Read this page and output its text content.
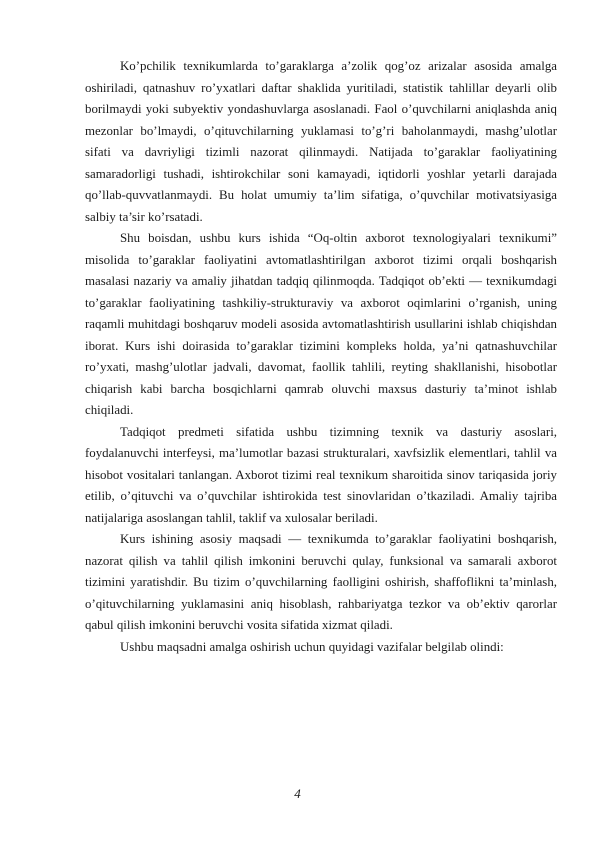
Ko’pchilik texnikumlarda to’garaklarga a’zolik qog’oz arizalar asosida amalga oshiriladi, qatnashuv ro’yxatlari daftar shaklida yuritiladi, statistik tahlillar deyarli olib borilmaydi yoki subyektiv yondashuvlarga asoslanadi. Faol o’quvchilarni aniqlashda aniq mezonlar bo’lmaydi, o’qituvchilarning yuklamasi to’g’ri baholanmaydi, mashg’ulotlar sifati va davriyligi tizimli nazorat qilinmaydi. Natijada to’garaklar faoliyatining samaradorligi tushadi, ishtirokchilar soni kamayadi, iqtidorli yoshlar yetarli darajada qo’llab-quvvatlanmaydi. Bu holat umumiy ta’lim sifatiga, o’quvchilar motivatsiyasiga salbiy ta’sir ko’rsatadi.

Shu boisdan, ushbu kurs ishida “Oq-oltin axborot texnologiyalari texnikumi” misolida to’garaklar faoliyatini avtomatlashtirilgan axborot tizimi orqali boshqarish masalasi nazariy va amaliy jihatdan tadqiq qilinmoqda. Tadqiqot ob’ekti — texnikumdagi to’garaklar faoliyatining tashkiliy-strukturaviy va axborot oqimlarini o’rganish, uning raqamli muhitdagi boshqaruv modeli asosida avtomatlashtirish usullarini ishlab chiqishdan iborat. Kurs ishi doirasida to’garaklar tizimini kompleks holda, ya’ni qatnashuvchilar ro’yxati, mashg’ulotlar jadvali, davomat, faollik tahlili, reyting shakllanishi, hisobotlar chiqarish kabi barcha bosqichlarni qamrab oluvchi maxsus dasturiy ta’minot ishlab chiqiladi.

Tadqiqot predmeti sifatida ushbu tizimning texnik va dasturiy asoslari, foydalanuvchi interfeysi, ma’lumotlar bazasi strukturalari, xavfsizlik elementlari, tahlil va hisobot vositalari tanlangan. Axborot tizimi real texnikum sharoitida sinov tariqasida joriy etilib, o’qituvchi va o’quvchilar ishtirokida test sinovlaridan o’tkaziladi. Amaliy tajriba natijalariga asoslangan tahlil, taklif va xulosalar beriladi.

Kurs ishining asosiy maqsadi — texnikumda to’garaklar faoliyatini boshqarish, nazorat qilish va tahlil qilish imkonini beruvchi qulay, funksional va samarali axborot tizimini yaratishdir. Bu tizim o’quvchilarning faolligini oshirish, shaffoflikni ta’minlash, o’qituvchilarning yuklamasini aniq hisoblash, rahbariyatga tezkor va ob’ektiv qarorlar qabul qilish imkonini beruvchi vosita sifatida xizmat qiladi.

Ushbu maqsadni amalga oshirish uchun quyidagi vazifalar belgilab olindi:

4
